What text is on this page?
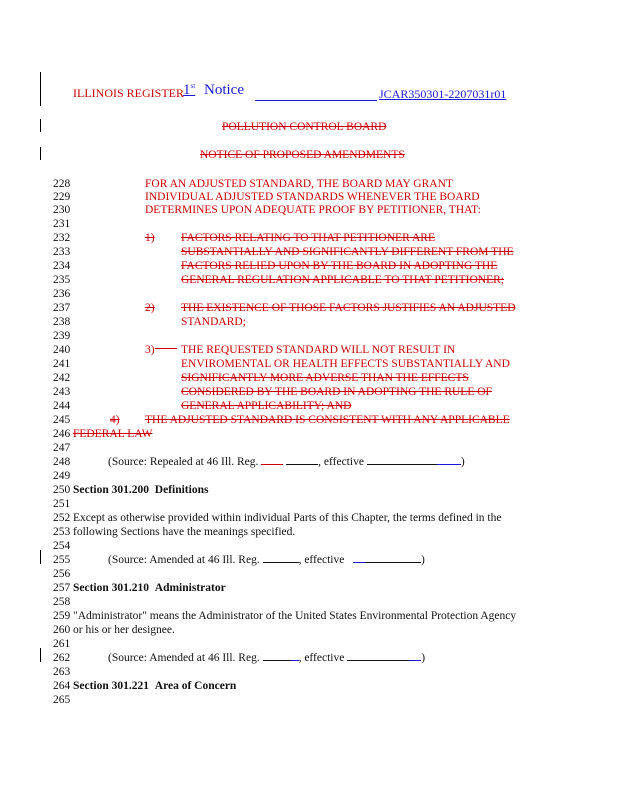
ILLINOIS REGISTER 1st Notice	JCAR350301-2207031r01
POLLUTION CONTROL BOARD
NOTICE OF PROPOSED AMENDMENTS
228	FOR AN ADJUSTED STANDARD, THE BOARD MAY GRANT
229	INDIVIDUAL ADJUSTED STANDARDS WHENEVER THE BOARD
230	DETERMINES UPON ADEQUATE PROOF BY PETITIONER, THAT:
231
232	1)	FACTORS RELATING TO THAT PETITIONER ARE
233	SUBSTANTIALLY AND SIGNIFICANTLY DIFFERENT FROM THE
234	FACTORS RELIED UPON BY THE BOARD IN ADOPTING THE
235	GENERAL REGULATION APPLICABLE TO THAT PETITIONER;
236
237	2)	THE EXISTENCE OF THOSE FACTORS JUSTIFIES AN ADJUSTED
238	STANDARD;
239
240	3)	THE REQUESTED STANDARD WILL NOT RESULT IN
241	ENVIROMENTAL OR HEALTH EFFECTS SUBSTANTIALLY AND
242	SIGNIFICANTLY MORE ADVERSE THAN THE EFFECTS
243	CONSIDERED BY THE BOARD IN ADOPTING THE RULE OF
244	GENERAL APPLICABILITY; AND
245	4)	THE ADJUSTED STANDARD IS CONSISTENT WITH ANY APPLICABLE
246 FEDERAL LAW
247
248	(Source: Repealed at 46 Ill. Reg.	, effective	)
249
250 Section 301.200 Definitions
251
252 Except as otherwise provided within individual Parts of this Chapter, the terms defined in the
253 following Sections have the meanings specified.
254
255	(Source: Amended at 46 Ill. Reg.	, effective	)
256
257 Section 301.210 Administrator
258
259 "Administrator" means the Administrator of the United States Environmental Protection Agency
260 or his or her designee.
261
262	(Source: Amended at 46 Ill. Reg.	, effective	)
263
264 Section 301.221 Area of Concern
265
